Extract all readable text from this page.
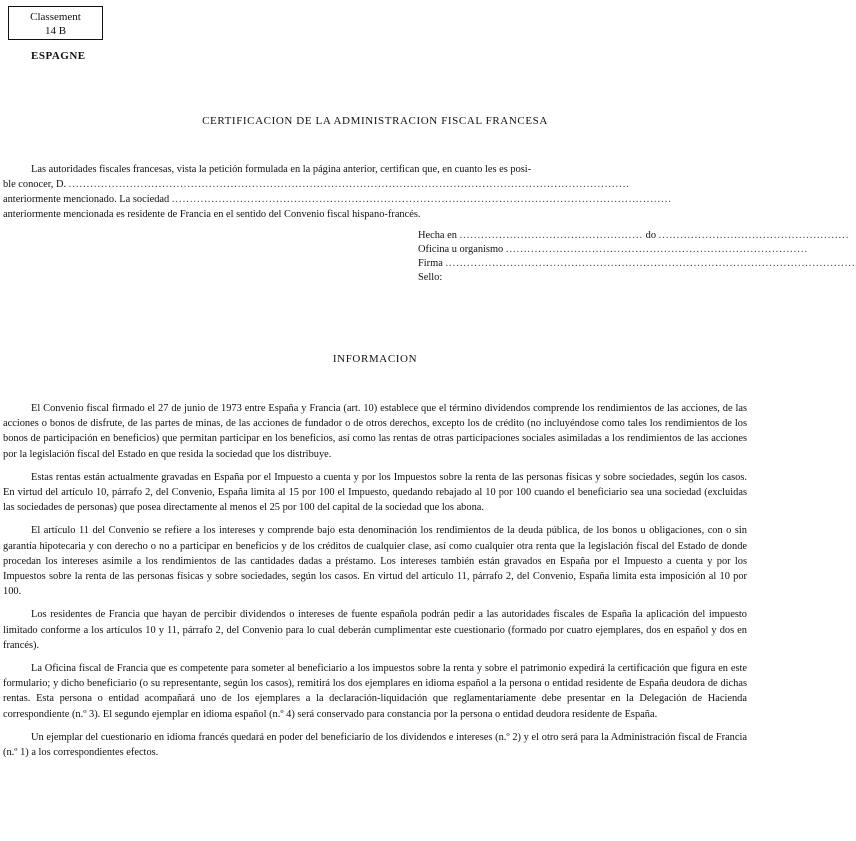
Classement
14 B
ESPAGNE
CERTIFICACION DE LA ADMINISTRACION FISCAL FRANCESA
Las autoridades fiscales francesas, vista la petición formulada en la página anterior, certifican que, en cuanto les es posi-
ble conocer, D. ............................................................................................................................................................
anteriormente mencionado. La sociedad ...........................................................................................................................................
anteriormente mencionada es residente de Francia en el sentido del Convenio fiscal hispano-francés.
Hecha en ................................................... do .....................................................
Oficina u organismo ....................................................................................
Firma ..................................................................................................................
Sello:
INFORMACION

El Convenio fiscal firmado el 27 de junio de 1973 entre España y Francia (art. 10) establece que el término dividendos comprende los rendimientos de las acciones, de las acciones o bonos de disfrute, de las partes de minas, de las acciones de fundador o de otros derechos, excepto los de crédito (no incluyéndose como tales los rendimientos de los bonos de participación en beneficios) que permitan participar en los beneficios, así como las rentas de otras participaciones sociales asimiladas a los rendimientos de las acciones por la legislación fiscal del Estado en que resida la sociedad que los distribuye.

Estas rentas están actualmente gravadas en España por el Impuesto a cuenta y por los Impuestos sobre la renta de las personas físicas y sobre sociedades, según los casos. En virtud del artículo 10, párrafo 2, del Convenio, España limita al 15 por 100 el Impuesto, quedando rebajado al 10 por 100 cuando el beneficiario sea una sociedad (excluidas las sociedades de personas) que posea directamente al menos el 25 por 100 del capital de la sociedad que los abona.

El artículo 11 del Convenio se refiere a los intereses y comprende bajo esta denominación los rendimientos de la deuda pública, de los bonos u obligaciones, con o sin garantía hipotecaria y con derecho o no a participar en beneficios y de los créditos de cualquier clase, así como cualquier otra renta que la legislación fiscal del Estado de donde procedan los intereses asimile a los rendimientos de las cantidades dadas a préstamo. Los intereses también están gravados en España por el Impuesto a cuenta y por los Impuestos sobre la renta de las personas físicas y sobre sociedades, según los casos. En virtud del artículo 11, párrafo 2, del Convenio, España limita esta imposición al 10 por 100.

Los residentes de Francia que hayan de percibir dividendos o intereses de fuente española podrán pedir a las autoridades fiscales de España la aplicación del impuesto limitado conforme a los artículos 10 y 11, párrafo 2, del Convenio para lo cual deberán cumplimentar este cuestionario (formado por cuatro ejemplares, dos en español y dos en francés).

La Oficina fiscal de Francia que es competente para someter al beneficiario a los impuestos sobre la renta y sobre el patrimonio expedirá la certificación que figura en este formulario; y dicho beneficiario (o su representante, según los casos), remitirá los dos ejemplares en idioma español a la persona o entidad residente de España deudora de dichas rentas. Esta persona o entidad acompañará uno de los ejemplares a la declaración-liquidación que reglamentariamente debe presentar en la Delegación de Hacienda correspondiente (n.º 3). El segundo ejemplar en idioma español (n.º 4) será conservado para constancia por la persona o entidad deudora residente de España.

Un ejemplar del cuestionario en idioma francés quedará en poder del beneficiario de los dividendos e intereses (n.º 2) y el otro será para la Administración fiscal de Francia (n.º 1) a los correspondientes efectos.
